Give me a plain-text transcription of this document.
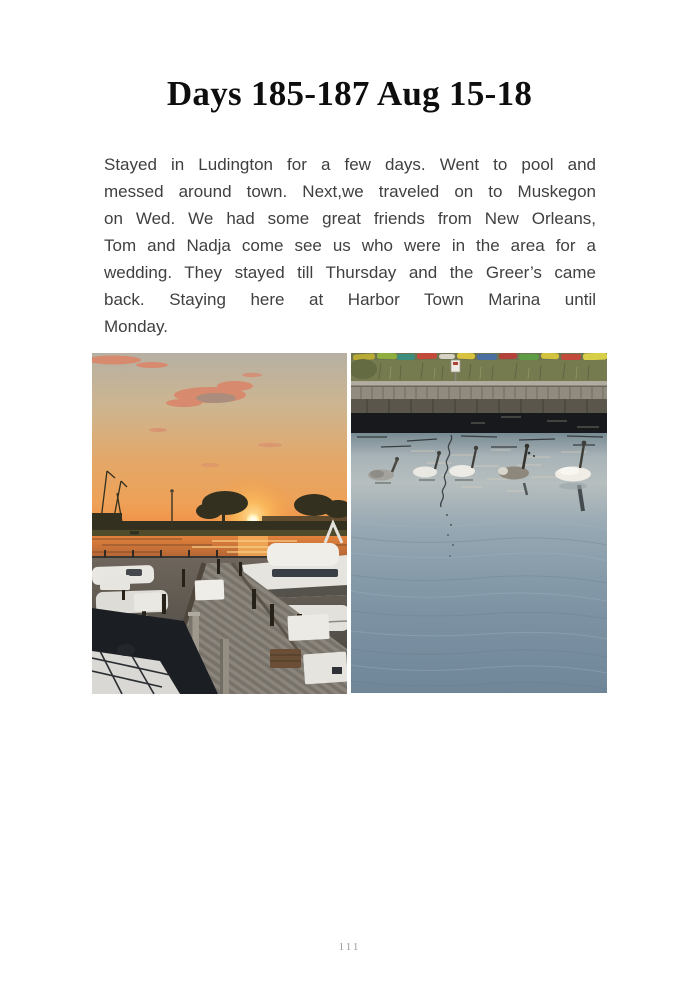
Days 185-187 Aug 15-18
Stayed in Ludington for a few days. Went to pool and
messed around town. Next,we traveled on to Muskegon
on Wed. We had some great friends from New Orleans,
Tom and Nadja come see us who were in the area for a
wedding. They stayed till Thursday and the Greer’s came
back. Staying here at Harbor Town Marina until
Monday.
111
